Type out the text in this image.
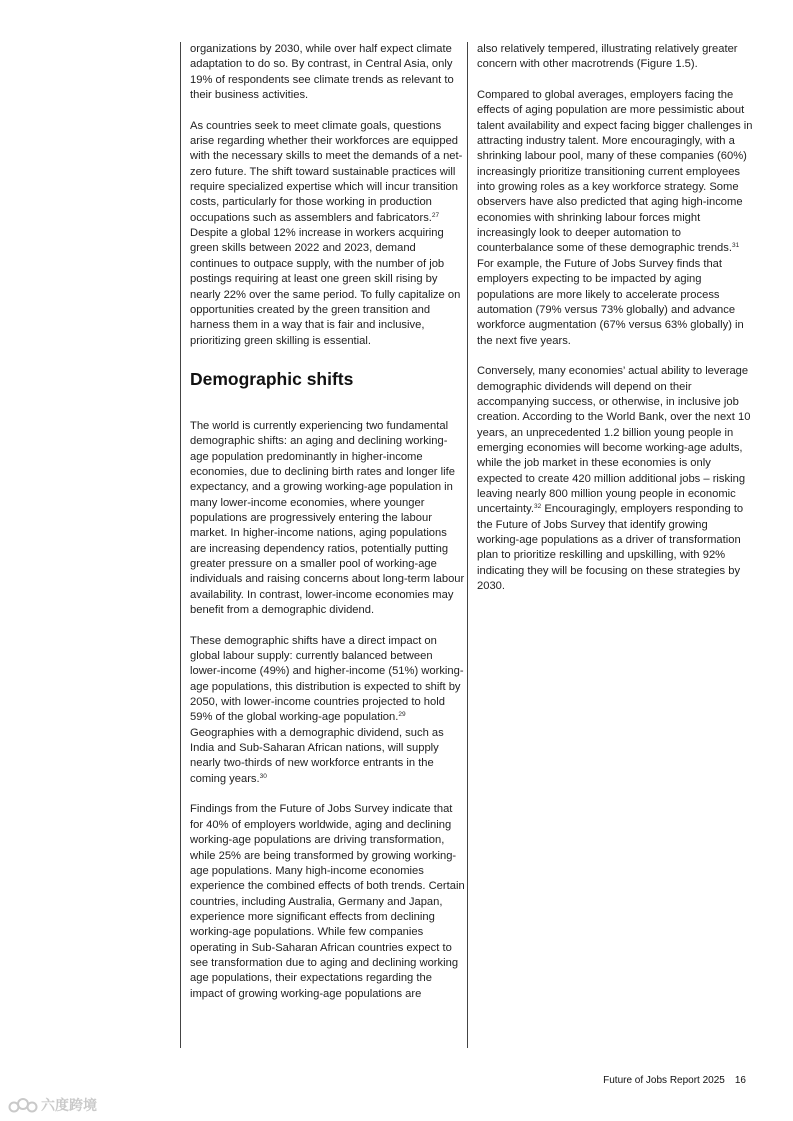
organizations by 2030, while over half expect climate adaptation to do so. By contrast, in Central Asia, only 19% of respondents see climate trends as relevant to their business activities.

As countries seek to meet climate goals, questions arise regarding whether their workforces are equipped with the necessary skills to meet the demands of a net-zero future. The shift toward sustainable practices will require specialized expertise which will incur transition costs, particularly for those working in production occupations such as assemblers and fabricators.$^{27}$ Despite a global 12% increase in workers acquiring green skills between 2022 and 2023, demand continues to outpace supply, with the number of job postings requiring at least one green skill rising by nearly 22% over the same period. To fully capitalize on opportunities created by the green transition and harness them in a way that is fair and inclusive, prioritizing green skilling is essential.

Demographic shifts

The world is currently experiencing two fundamental demographic shifts: an aging and declining working-age population predominantly in higher-income economies, due to declining birth rates and longer life expectancy, and a growing working-age population in many lower-income economies, where younger populations are progressively entering the labour market. In higher-income nations, aging populations are increasing dependency ratios, potentially putting greater pressure on a smaller pool of working-age individuals and raising concerns about long-term labour availability. In contrast, lower-income economies may benefit from a demographic dividend.

These demographic shifts have a direct impact on global labour supply: currently balanced between lower-income (49%) and higher-income (51%) working-age populations, this distribution is expected to shift by 2050, with lower-income countries projected to hold 59% of the global working-age population.$^{29}$ Geographies with a demographic dividend, such as India and Sub-Saharan African nations, will supply nearly two-thirds of new workforce entrants in the coming years.$^{30}$

Findings from the Future of Jobs Survey indicate that for 40% of employers worldwide, aging and declining working-age populations are driving transformation, while 25% are being transformed by growing working-age populations. Many high-income economies experience the combined effects of both trends. Certain countries, including Australia, Germany and Japan, experience more significant effects from declining working-age populations. While few companies operating in Sub-Saharan African countries expect to see transformation due to aging and declining working age populations, their expectations regarding the impact of growing working-age populations are

also relatively tempered, illustrating relatively greater concern with other macrotrends (Figure 1.5).

Compared to global averages, employers facing the effects of aging population are more pessimistic about talent availability and expect facing bigger challenges in attracting industry talent. More encouragingly, with a shrinking labour pool, many of these companies (60%) increasingly prioritize transitioning current employees into growing roles as a key workforce strategy. Some observers have also predicted that aging high-income economies with shrinking labour forces might increasingly look to deeper automation to counterbalance some of these demographic trends.$^{31}$ For example, the Future of Jobs Survey finds that employers expecting to be impacted by aging populations are more likely to accelerate process automation (79% versus 73% globally) and advance workforce augmentation (67% versus 63% globally) in the next five years.

Conversely, many economies’ actual ability to leverage demographic dividends will depend on their accompanying success, or otherwise, in inclusive job creation. According to the World Bank, over the next 10 years, an unprecedented 1.2 billion young people in emerging economies will become working-age adults, while the job market in these economies is only expected to create 420 million additional jobs – risking leaving nearly 800 million young people in economic uncertainty.$^{32}$ Encouragingly, employers responding to the Future of Jobs Survey that identify growing working-age populations as a driver of transformation plan to prioritize reskilling and upskilling, with 92% indicating they will be focusing on these strategies by 2030.

Future of Jobs Report 2025 16
六度跨境
